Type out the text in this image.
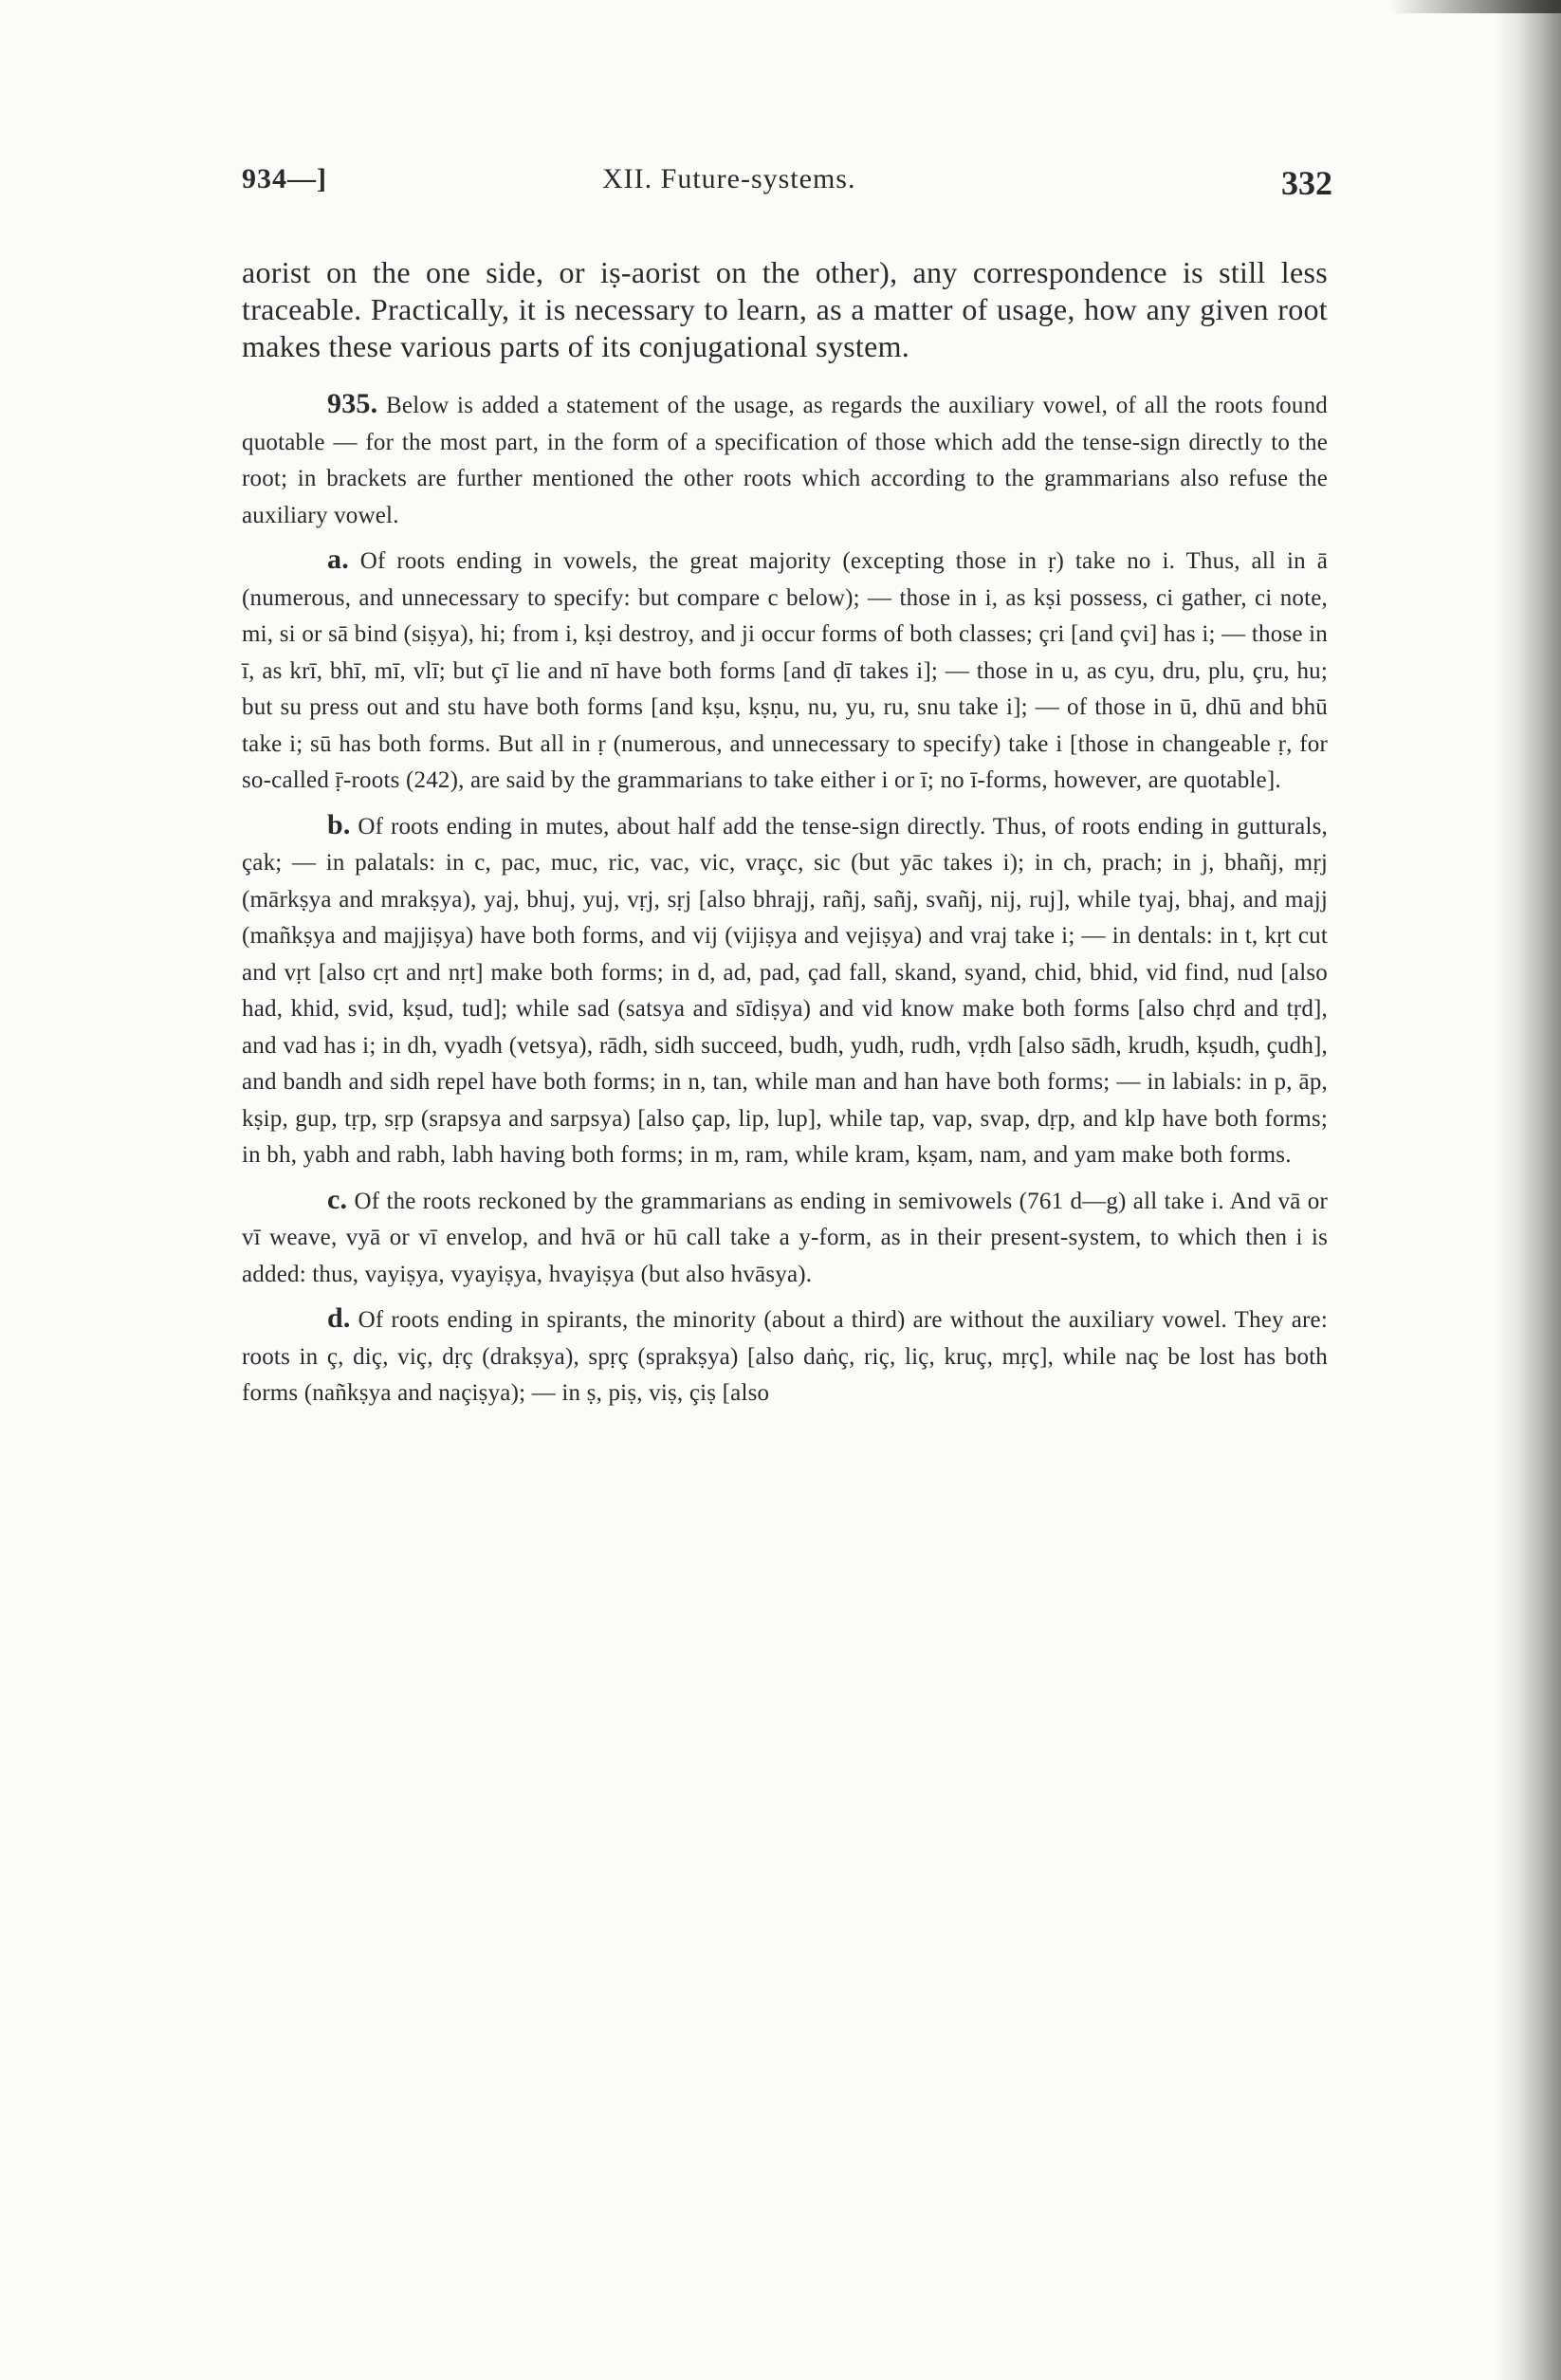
934—]	XII. Future-systems.	332

aorist on the one side, or iṣ-aorist on the other), any correspondence is still less traceable. Practically, it is necessary to learn, as a matter of usage, how any given root makes these various parts of its conjugational system.

935. Below is added a statement of the usage, as regards the auxiliary vowel, of all the roots found quotable — for the most part, in the form of a specification of those which add the tense-sign directly to the root; in brackets are further mentioned the other roots which according to the grammarians also refuse the auxiliary vowel.

a. Of roots ending in vowels, the great majority (excepting those in ṛ) take no i. Thus, all in ā (numerous, and unnecessary to specify: but compare c below); — those in i, as kṣi possess, ci gather, ci note, mi, si or sā bind (siṣya), hi; from i, kṣi destroy, and ji occur forms of both classes; çri [and çvi] has i; — those in ī, as krī, bhī, mī, vlī; but çī lie and nī have both forms [and ḍī takes i]; — those in u, as cyu, dru, plu, çru, hu; but su press out and stu have both forms [and kṣu, kṣṇu, nu, yu, ru, snu take i]; — of those in ū, dhū and bhū take i; sū has both forms. But all in ṛ (numerous, and unnecessary to specify) take i [those in changeable ṛ, for so-called ṝ-roots (242), are said by the grammarians to take either i or ī; no ī-forms, however, are quotable].

b. Of roots ending in mutes, about half add the tense-sign directly. Thus, of roots ending in gutturals, çak; — in palatals: in c, pac, muc, ric, vac, vic, vraçc, sic (but yāc takes i); in ch, prach; in j, bhañj, mṛj (mārkṣya and mrakṣya), yaj, bhuj, yuj, vṛj, sṛj [also bhrajj, rañj, sañj, svañj, nij, ruj], while tyaj, bhaj, and majj (mañkṣya and majjiṣya) have both forms, and vij (vijiṣya and vejiṣya) and vraj take i; — in dentals: in t, kṛt cut and vṛt [also cṛt and nṛt] make both forms; in d, ad, pad, çad fall, skand, syand, chid, bhid, vid find, nud [also had, khid, svid, kṣud, tud]; while sad (satsya and sīdiṣya) and vid know make both forms [also chṛd and tṛd], and vad has i; in dh, vyadh (vetsya), rādh, sidh succeed, budh, yudh, rudh, vṛdh [also sādh, krudh, kṣudh, çudh], and bandh and sidh repel have both forms; in n, tan, while man and han have both forms; — in labials: in p, āp, kṣip, gup, tṛp, sṛp (srapsya and sarpsya) [also çap, lip, lup], while tap, vap, svap, dṛp, and klp have both forms; in bh, yabh and rabh, labh having both forms; in m, ram, while kram, kṣam, nam, and yam make both forms.

c. Of the roots reckoned by the grammarians as ending in semivowels (761 d—g) all take i. And vā or vī weave, vyā or vī envelop, and hvā or hū call take a y-form, as in their present-system, to which then i is added: thus, vayiṣya, vyayiṣya, hvayiṣya (but also hvāsya).

d. Of roots ending in spirants, the minority (about a third) are without the auxiliary vowel. They are: roots in ç, diç, viç, dṛç (drakṣya), spṛç (sprakṣya) [also daṅç, riç, liç, kruç, mṛç], while naç be lost has both forms (nañkṣya and naçiṣya); — in ṣ, piṣ, viṣ, çiṣ [also
